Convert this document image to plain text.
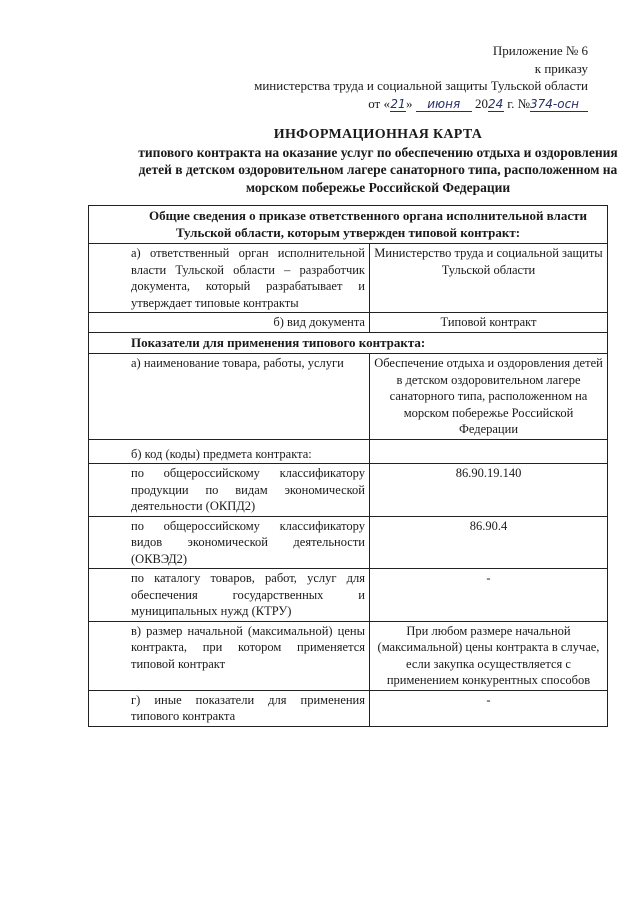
Приложение № 6
к приказу
министерства труда и социальной защиты Тульской области
от «21» июня 2024 г. №374-осн
ИНФОРМАЦИОННАЯ КАРТА
типового контракта на оказание услуг по обеспечению отдыха и оздоровления детей в детском оздоровительном лагере санаторного типа, расположенном на морском побережье Российской Федерации
Общие сведения о приказе ответственного органа исполнительной власти Тульской области, которым утвержден типовой контракт:	
а) ответственный орган исполнительной власти Тульской области – разработчик документа, который разрабатывает и утверждает типовые контракты	Министерство труда и социальной защиты Тульской области
б) вид документа	Типовой контракт
Показатели для применения типового контракта:	
а) наименование товара, работы, услуги	Обеспечение отдыха и оздоровления детей в детском оздоровительном лагере санаторного типа, расположенном на морском побережье Российской Федерации
б) код (коды) предмета контракта:	
по общероссийскому классификатору продукции по видам экономической деятельности (ОКПД2)	86.90.19.140
по общероссийскому классификатору видов экономической деятельности (ОКВЭД2)	86.90.4
по каталогу товаров, работ, услуг для обеспечения государственных и муниципальных нужд (КТРУ)	-
в) размер начальной (максимальной) цены контракта, при котором применяется типовой контракт	При любом размере начальной (максимальной) цены контракта в случае, если закупка осуществляется с применением конкурентных способов
г) иные показатели для применения типового контракта	-
